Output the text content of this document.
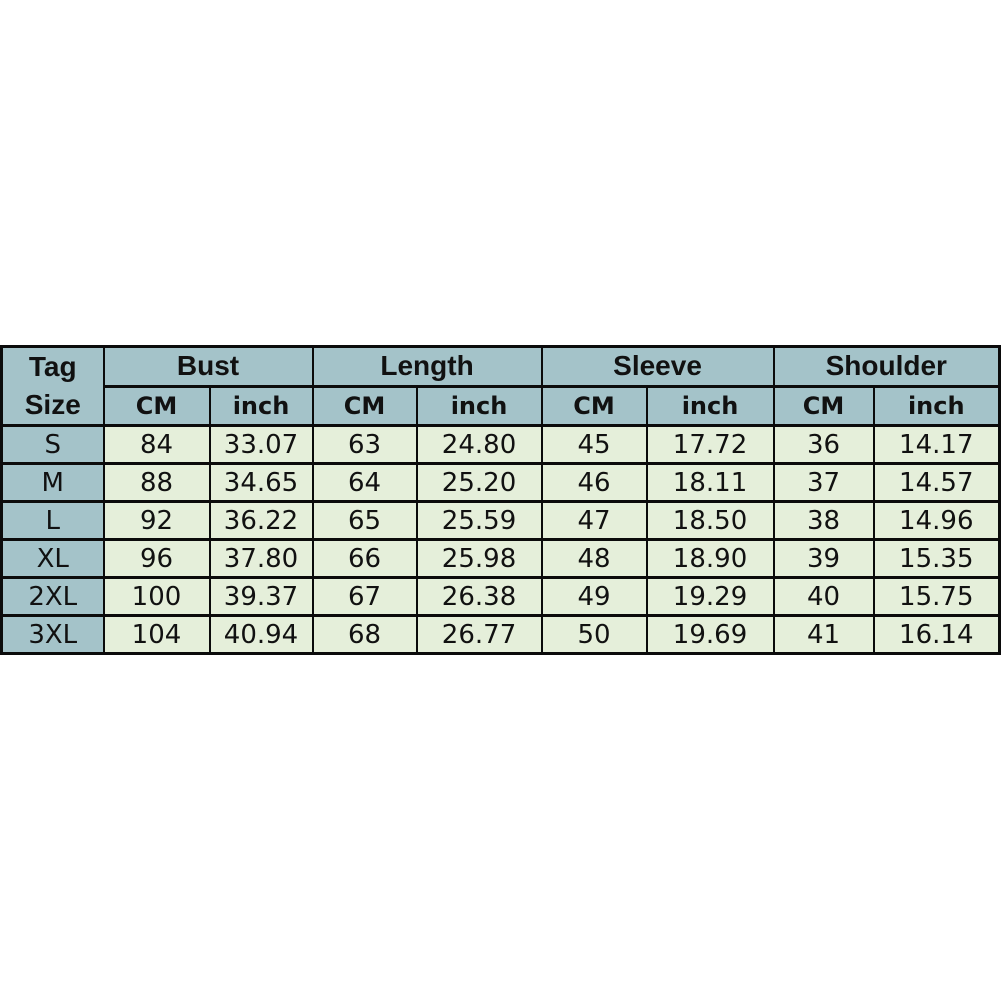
Tag
Size	Bust		Length		Sleeve		Shoulder	
	CM	inch	CM	inch	CM	inch	CM	inch
S	84	33.07	63	24.80	45	17.72	36	14.17
M	88	34.65	64	25.20	46	18.11	37	14.57
L	92	36.22	65	25.59	47	18.50	38	14.96
XL	96	37.80	66	25.98	48	18.90	39	15.35
2XL	100	39.37	67	26.38	49	19.29	40	15.75
3XL	104	40.94	68	26.77	50	19.69	41	16.14
